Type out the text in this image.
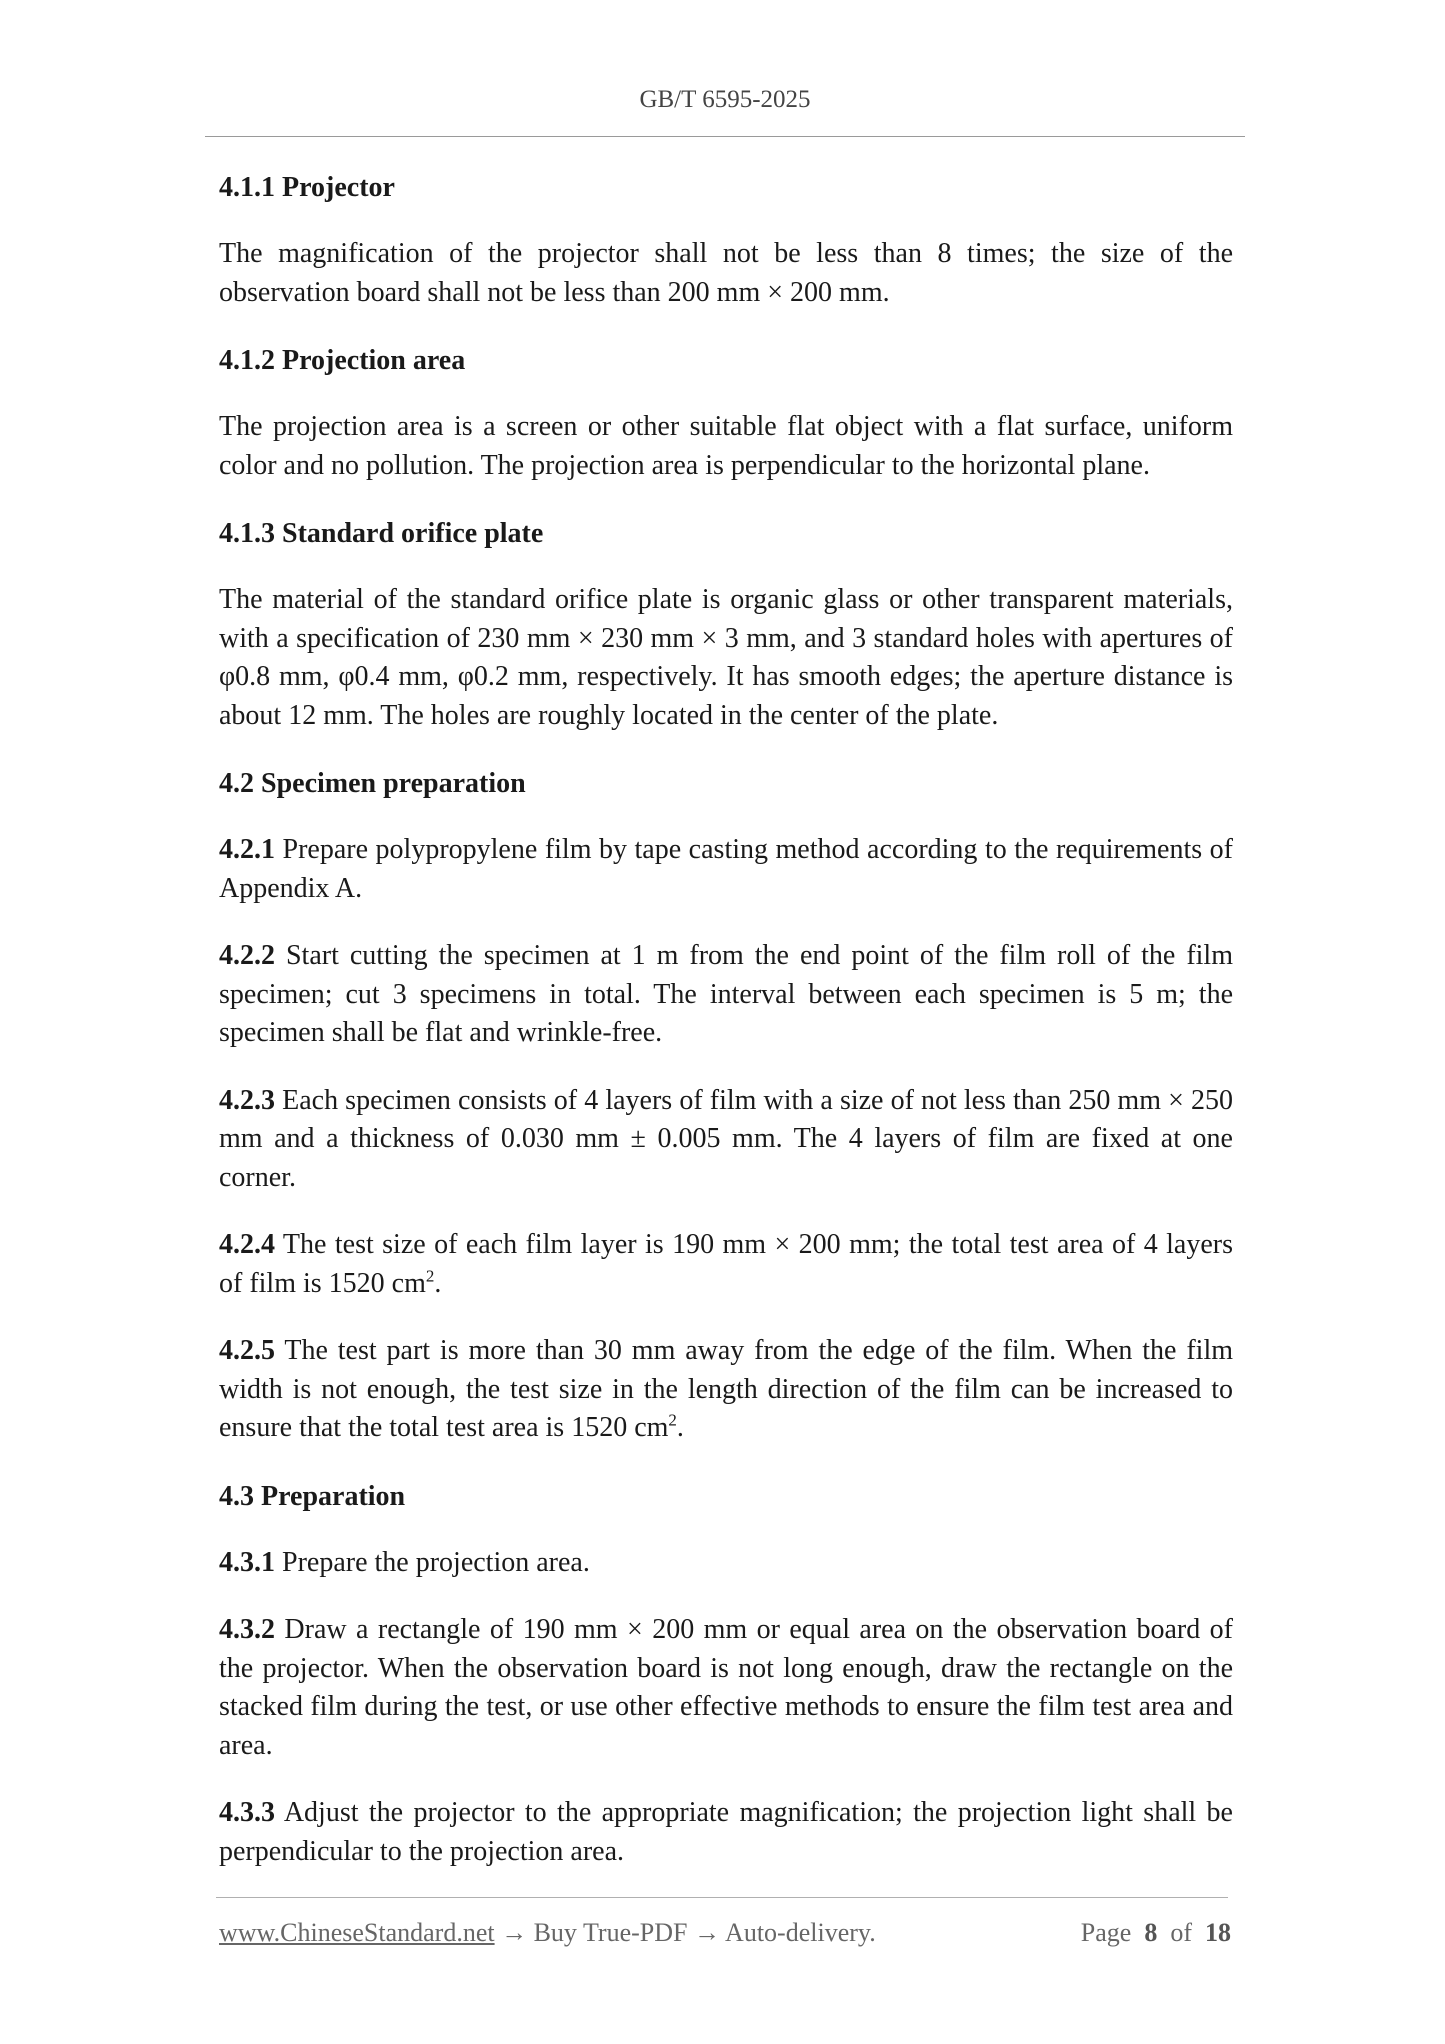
GB/T 6595-2025
4.1.1 Projector

The magnification of the projector shall not be less than 8 times; the size of the observation board shall not be less than 200 mm × 200 mm.

4.1.2 Projection area

The projection area is a screen or other suitable flat object with a flat surface, uniform color and no pollution. The projection area is perpendicular to the horizontal plane.

4.1.3 Standard orifice plate

The material of the standard orifice plate is organic glass or other transparent materials, with a specification of 230 mm × 230 mm × 3 mm, and 3 standard holes with apertures of φ0.8 mm, φ0.4 mm, φ0.2 mm, respectively. It has smooth edges; the aperture distance is about 12 mm. The holes are roughly located in the center of the plate.

4.2 Specimen preparation

4.2.1 Prepare polypropylene film by tape casting method according to the requirements of Appendix A.

4.2.2 Start cutting the specimen at 1 m from the end point of the film roll of the film specimen; cut 3 specimens in total. The interval between each specimen is 5 m; the specimen shall be flat and wrinkle-free.

4.2.3 Each specimen consists of 4 layers of film with a size of not less than 250 mm × 250 mm and a thickness of 0.030 mm ± 0.005 mm. The 4 layers of film are fixed at one corner.

4.2.4 The test size of each film layer is 190 mm × 200 mm; the total test area of 4 layers of film is 1520 $cm^2$.

4.2.5 The test part is more than 30 mm away from the edge of the film. When the film width is not enough, the test size in the length direction of the film can be increased to ensure that the total test area is 1520 $cm^2$.

4.3 Preparation

4.3.1 Prepare the projection area.

4.3.2 Draw a rectangle of 190 mm × 200 mm or equal area on the observation board of the projector. When the observation board is not long enough, draw the rectangle on the stacked film during the test, or use other effective methods to ensure the film test area and area.

4.3.3 Adjust the projector to the appropriate magnification; the projection light shall be perpendicular to the projection area.

www.ChineseStandard.net → Buy True-PDF → Auto-delivery.	Page 8 of 18
